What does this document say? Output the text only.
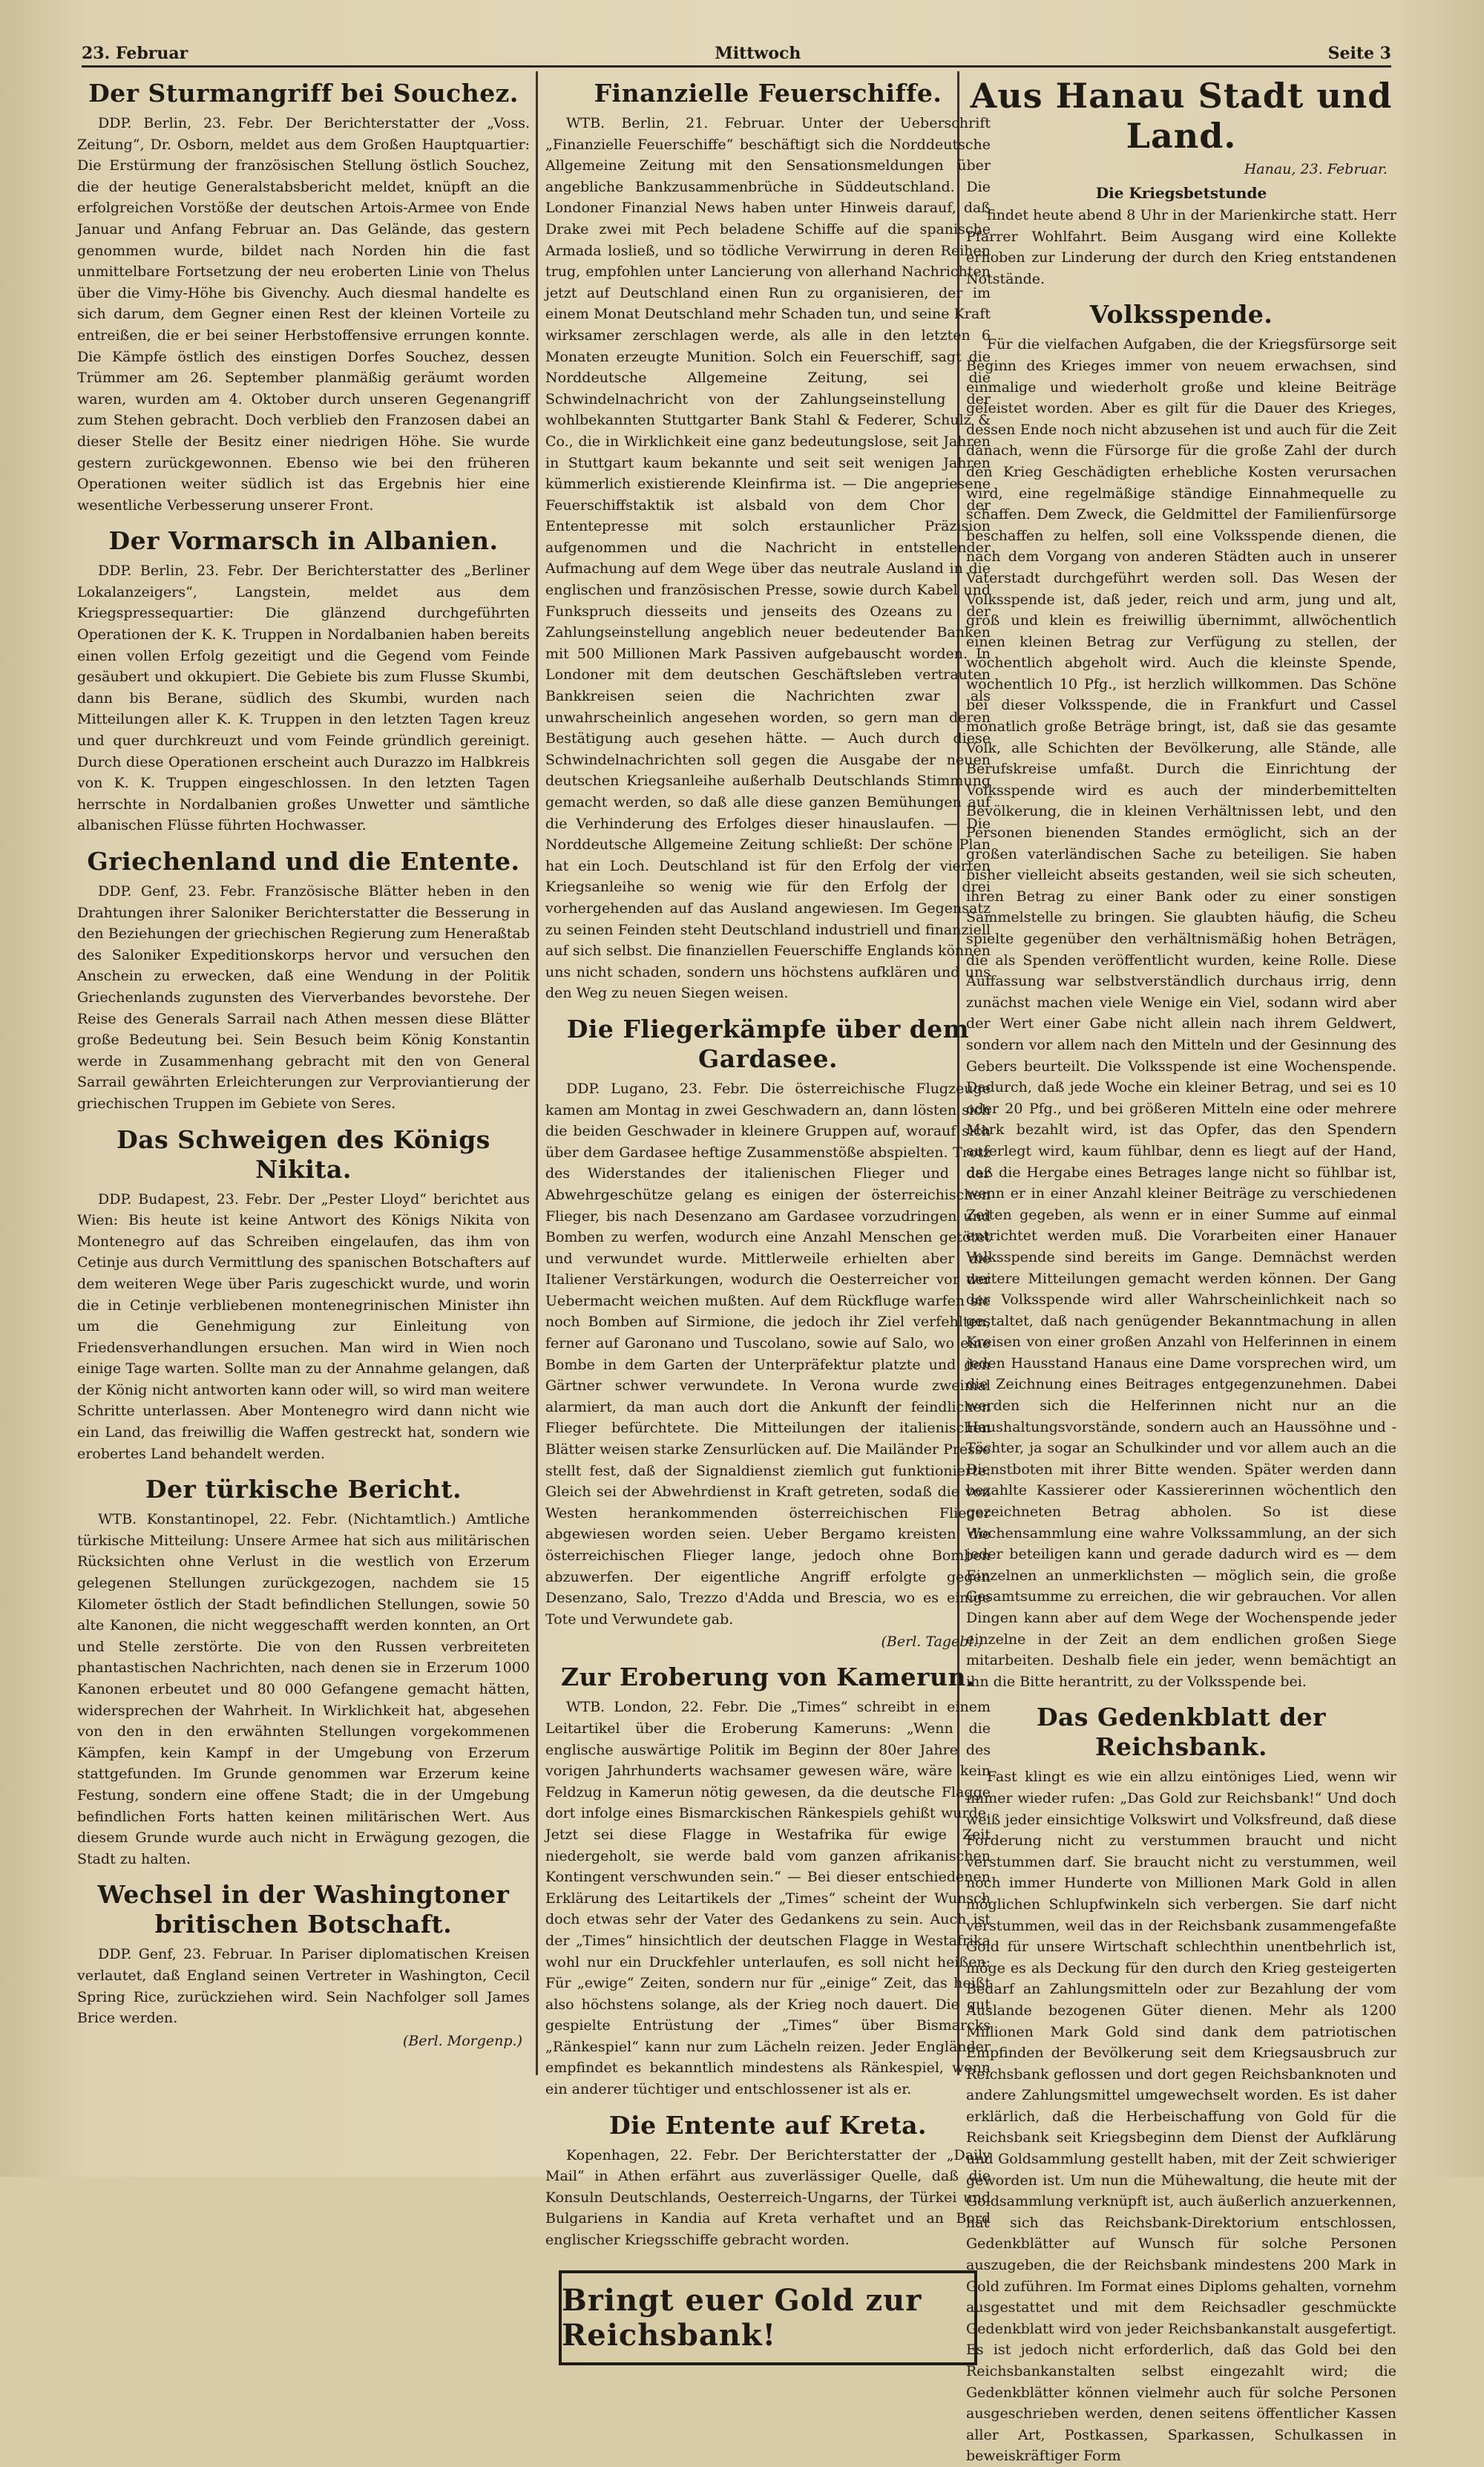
23. Februar	Mittwoch	Seite 3
Der Sturmangriff bei Souchez.

DDP. Berlin, 23. Febr. Der Berichterstatter der „Voss. Zeitung“, Dr. Osborn, meldet aus dem Großen Hauptquartier: Die Erstürmung der französischen Stellung östlich Souchez, die der heutige Generalstabsbericht meldet, knüpft an die erfolgreichen Vorstöße der deutschen Artois-Armee von Ende Januar und Anfang Februar an. Das Gelände, das gestern genommen wurde, bildet nach Norden hin die fast unmittelbare Fortsetzung der neu eroberten Linie von Thelus über die Vimy-Höhe bis Givenchy. Auch diesmal handelte es sich darum, dem Gegner einen Rest der kleinen Vorteile zu entreißen, die er bei seiner Herbstoffensive errungen konnte. Die Kämpfe östlich des einstigen Dorfes Souchez, dessen Trümmer am 26. September planmäßig geräumt worden waren, wurden am 4. Oktober durch unseren Gegenangriff zum Stehen gebracht. Doch verblieb den Franzosen dabei an dieser Stelle der Besitz einer niedrigen Höhe. Sie wurde gestern zurückgewonnen. Ebenso wie bei den früheren Operationen weiter südlich ist das Ergebnis hier eine wesentliche Verbesserung unserer Front.

Der Vormarsch in Albanien.

DDP. Berlin, 23. Febr. Der Berichterstatter des „Berliner Lokalanzeigers“, Langstein, meldet aus dem Kriegspressequartier: Die glänzend durchgeführten Operationen der K. K. Truppen in Nordalbanien haben bereits einen vollen Erfolg gezeitigt und die Gegend vom Feinde gesäubert und okkupiert. Die Gebiete bis zum Flusse Skumbi, dann bis Berane, südlich des Skumbi, wurden nach Mitteilungen aller K. K. Truppen in den letzten Tagen kreuz und quer durchkreuzt und vom Feinde gründlich gereinigt. Durch diese Operationen erscheint auch Durazzo im Halbkreis von K. K. Truppen eingeschlossen. In den letzten Tagen herrschte in Nordalbanien großes Unwetter und sämtliche albanischen Flüsse führten Hochwasser.

Griechenland und die Entente.

DDP. Genf, 23. Febr. Französische Blätter heben in den Drahtungen ihrer Saloniker Berichterstatter die Besserung in den Beziehungen der griechischen Regierung zum Heneraßtab des Saloniker Expeditionskorps hervor und versuchen den Anschein zu erwecken, daß eine Wendung in der Politik Griechenlands zugunsten des Vierverbandes bevorstehe. Der Reise des Generals Sarrail nach Athen messen diese Blätter große Bedeutung bei. Sein Besuch beim König Konstantin werde in Zusammenhang gebracht mit den von General Sarrail gewährten Erleichterungen zur Verproviantierung der griechischen Truppen im Gebiete von Seres.

Das Schweigen des Königs Nikita.

DDP. Budapest, 23. Febr. Der „Pester Lloyd“ berichtet aus Wien: Bis heute ist keine Antwort des Königs Nikita von Montenegro auf das Schreiben eingelaufen, das ihm von Cetinje aus durch Vermittlung des spanischen Botschafters auf dem weiteren Wege über Paris zugeschickt wurde, und worin die in Cetinje verbliebenen montenegrinischen Minister ihn um die Genehmigung zur Einleitung von Friedensverhandlungen ersuchen. Man wird in Wien noch einige Tage warten. Sollte man zu der Annahme gelangen, daß der König nicht antworten kann oder will, so wird man weitere Schritte unterlassen. Aber Montenegro wird dann nicht wie ein Land, das freiwillig die Waffen gestreckt hat, sondern wie erobertes Land behandelt werden.

Der türkische Bericht.

WTB. Konstantinopel, 22. Febr. (Nichtamtlich.) Amtliche türkische Mitteilung: Unsere Armee hat sich aus militärischen Rücksichten ohne Verlust in die westlich von Erzerum gelegenen Stellungen zurückgezogen, nachdem sie 15 Kilometer östlich der Stadt befindlichen Stellungen, sowie 50 alte Kanonen, die nicht weggeschafft werden konnten, an Ort und Stelle zerstörte. Die von den Russen verbreiteten phantastischen Nachrichten, nach denen sie in Erzerum 1000 Kanonen erbeutet und 80 000 Gefangene gemacht hätten, widersprechen der Wahrheit. In Wirklichkeit hat, abgesehen von den in den erwähnten Stellungen vorgekommenen Kämpfen, kein Kampf in der Umgebung von Erzerum stattgefunden. Im Grunde genommen war Erzerum keine Festung, sondern eine offene Stadt; die in der Umgebung befindlichen Forts hatten keinen militärischen Wert. Aus diesem Grunde wurde auch nicht in Erwägung gezogen, die Stadt zu halten.

Wechsel in der Washingtoner britischen Botschaft.

DDP. Genf, 23. Februar. In Pariser diplomatischen Kreisen verlautet, daß England seinen Vertreter in Washington, Cecil Spring Rice, zurückziehen wird. Sein Nachfolger soll James Brice werden.

(Berl. Morgenp.)
Finanzielle Feuerschiffe.

WTB. Berlin, 21. Februar. Unter der Ueberschrift „Finanzielle Feuerschiffe“ beschäftigt sich die Norddeutsche Allgemeine Zeitung mit den Sensationsmeldungen über angebliche Bankzusammenbrüche in Süddeutschland. Die Londoner Finanzial News haben unter Hinweis darauf, daß Drake zwei mit Pech beladene Schiffe auf die spanische Armada losließ, und so tödliche Verwirrung in deren Reihen trug, empfohlen unter Lancierung von allerhand Nachrichten jetzt auf Deutschland einen Run zu organisieren, der im einem Monat Deutschland mehr Schaden tun, und seine Kraft wirksamer zerschlagen werde, als alle in den letzten 6 Monaten erzeugte Munition. Solch ein Feuerschiff, sagt die Norddeutsche Allgemeine Zeitung, sei die Schwindelnachricht von der Zahlungseinstellung der wohlbekannten Stuttgarter Bank Stahl & Federer, Schulz & Co., die in Wirklichkeit eine ganz bedeutungslose, seit Jahren in Stuttgart kaum bekannte und seit seit wenigen Jahren kümmerlich existierende Kleinfirma ist. — Die angepriesene Feuerschiffstaktik ist alsbald von dem Chor der Ententepresse mit solch erstaunlicher Präzision aufgenommen und die Nachricht in entstellender Aufmachung auf dem Wege über das neutrale Ausland in die englischen und französischen Presse, sowie durch Kabel und Funkspruch diesseits und jenseits des Ozeans zu der Zahlungseinstellung angeblich neuer bedeutender Banken mit 500 Millionen Mark Passiven aufgebauscht worden. In Londoner mit dem deutschen Geschäftsleben vertrauten Bankkreisen seien die Nachrichten zwar als unwahrscheinlich angesehen worden, so gern man deren Bestätigung auch gesehen hätte. — Auch durch diese Schwindelnachrichten soll gegen die Ausgabe der neuen deutschen Kriegsanleihe außerhalb Deutschlands Stimmung gemacht werden, so daß alle diese ganzen Bemühungen auf die Verhinderung des Erfolges dieser hinauslaufen. — Die Norddeutsche Allgemeine Zeitung schließt: Der schöne Plan hat ein Loch. Deutschland ist für den Erfolg der vierten Kriegsanleihe so wenig wie für den Erfolg der drei vorhergehenden auf das Ausland angewiesen. Im Gegensatz zu seinen Feinden steht Deutschland industriell und finanziell auf sich selbst. Die finanziellen Feuerschiffe Englands können uns nicht schaden, sondern uns höchstens aufklären und uns den Weg zu neuen Siegen weisen.

Die Fliegerkämpfe über dem Gardasee.

DDP. Lugano, 23. Febr. Die österreichische Flugzeuge kamen am Montag in zwei Geschwadern an, dann lösten sich die beiden Geschwader in kleinere Gruppen auf, worauf sich über dem Gardasee heftige Zusammenstöße abspielten. Trotz des Widerstandes der italienischen Flieger und der Abwehrgeschütze gelang es einigen der österreichischen Flieger, bis nach Desenzano am Gardasee vorzudringen und Bomben zu werfen, wodurch eine Anzahl Menschen getötet und verwundet wurde. Mittlerweile erhielten aber die Italiener Verstärkungen, wodurch die Oesterreicher vor der Uebermacht weichen mußten. Auf dem Rückfluge warfen sie noch Bomben auf Sirmione, die jedoch ihr Ziel verfehlten, ferner auf Garonano und Tuscolano, sowie auf Salo, wo eine Bombe in dem Garten der Unterpräfektur platzte und den Gärtner schwer verwundete. In Verona wurde zweimal alarmiert, da man auch dort die Ankunft der feindlichen Flieger befürchtete. Die Mitteilungen der italienischen Blätter weisen starke Zensurlücken auf. Die Mailänder Presse stellt fest, daß der Signaldienst ziemlich gut funktionierte. Gleich sei der Abwehrdienst in Kraft getreten, sodaß die von Westen herankommenden österreichischen Flieger abgewiesen worden seien. Ueber Bergamo kreisten die österreichischen Flieger lange, jedoch ohne Bomben abzuwerfen. Der eigentliche Angriff erfolgte gegen Desenzano, Salo, Trezzo d'Adda und Brescia, wo es einige Tote und Verwundete gab.

(Berl. Tagebl.)
Zur Eroberung von Kamerun.

WTB. London, 22. Febr. Die „Times“ schreibt in einem Leitartikel über die Eroberung Kameruns: „Wenn die englische auswärtige Politik im Beginn der 80er Jahre des vorigen Jahrhunderts wachsamer gewesen wäre, wäre kein Feldzug in Kamerun nötig gewesen, da die deutsche Flagge dort infolge eines Bismarckischen Ränkespiels gehißt wurde. Jetzt sei diese Flagge in Westafrika für ewige Zeit niedergeholt, sie werde bald vom ganzen afrikanischen Kontingent verschwunden sein.“ — Bei dieser entschiedenen Erklärung des Leitartikels der „Times“ scheint der Wunsch doch etwas sehr der Vater des Gedankens zu sein. Auch ist der „Times“ hinsichtlich der deutschen Flagge in Westafrika wohl nur ein Druckfehler unterlaufen, es soll nicht heißen: Für „ewige“ Zeiten, sondern nur für „einige“ Zeit, das heißt also höchstens solange, als der Krieg noch dauert. Die gut gespielte Entrüstung der „Times“ über Bismarcks „Ränkespiel“ kann nur zum Lächeln reizen. Jeder Engländer empfindet es bekanntlich mindestens als Ränkespiel, wenn ein anderer tüchtiger und entschlossener ist als er.

Die Entente auf Kreta.

Kopenhagen, 22. Febr. Der Berichterstatter der „Daily Mail“ in Athen erfährt aus zuverlässiger Quelle, daß die Konsuln Deutschlands, Oesterreich-Ungarns, der Türkei und Bulgariens in Kandia auf Kreta verhaftet und an Bord englischer Kriegsschiffe gebracht worden.

Bringt euer Gold zur Reichsbank!
Aus Hanau Stadt und Land.
Hanau, 23. Februar.
Die Kriegsbetstunde

findet heute abend 8 Uhr in der Marienkirche statt. Herr Pfarrer Wohlfahrt. Beim Ausgang wird eine Kollekte erhoben zur Linderung der durch den Krieg entstandenen Notstände.

Volksspende.

Für die vielfachen Aufgaben, die der Kriegsfürsorge seit Beginn des Krieges immer von neuem erwachsen, sind einmalige und wiederholt große und kleine Beiträge geleistet worden. Aber es gilt für die Dauer des Krieges, dessen Ende noch nicht abzusehen ist und auch für die Zeit danach, wenn die Fürsorge für die große Zahl der durch den Krieg Geschädigten erhebliche Kosten verursachen wird, eine regelmäßige ständige Einnahmequelle zu schaffen. Dem Zweck, die Geldmittel der Familienfürsorge beschaffen zu helfen, soll eine Volksspende dienen, die nach dem Vorgang von anderen Städten auch in unserer Vaterstadt durchgeführt werden soll. Das Wesen der Volksspende ist, daß jeder, reich und arm, jung und alt, groß und klein es freiwillig übernimmt, allwöchentlich einen kleinen Betrag zur Verfügung zu stellen, der wöchentlich abgeholt wird. Auch die kleinste Spende, wöchentlich 10 Pfg., ist herzlich willkommen. Das Schöne bei dieser Volksspende, die in Frankfurt und Cassel monatlich große Beträge bringt, ist, daß sie das gesamte Volk, alle Schichten der Bevölkerung, alle Stände, alle Berufskreise umfaßt. Durch die Einrichtung der Volksspende wird es auch der minderbemittelten Bevölkerung, die in kleinen Verhältnissen lebt, und den Personen bienenden Standes ermöglicht, sich an der großen vaterländischen Sache zu beteiligen. Sie haben bisher vielleicht abseits gestanden, weil sie sich scheuten, ihren Betrag zu einer Bank oder zu einer sonstigen Sammelstelle zu bringen. Sie glaubten häufig, die Scheu spielte gegenüber den verhältnismäßig hohen Beträgen, die als Spenden veröffentlicht wurden, keine Rolle. Diese Auffassung war selbstverständlich durchaus irrig, denn zunächst machen viele Wenige ein Viel, sodann wird aber der Wert einer Gabe nicht allein nach ihrem Geldwert, sondern vor allem nach den Mitteln und der Gesinnung des Gebers beurteilt. Die Volksspende ist eine Wochenspende. Dadurch, daß jede Woche ein kleiner Betrag, und sei es 10 oder 20 Pfg., und bei größeren Mitteln eine oder mehrere Mark bezahlt wird, ist das Opfer, das den Spendern auferlegt wird, kaum fühlbar, denn es liegt auf der Hand, daß die Hergabe eines Betrages lange nicht so fühlbar ist, wenn er in einer Anzahl kleiner Beiträge zu verschiedenen Zeiten gegeben, als wenn er in einer Summe auf einmal entrichtet werden muß. Die Vorarbeiten einer Hanauer Volksspende sind bereits im Gange. Demnächst werden weitere Mitteilungen gemacht werden können. Der Gang der Volksspende wird aller Wahrscheinlichkeit nach so gestaltet, daß nach genügender Bekanntmachung in allen Kreisen von einer großen Anzahl von Helferinnen in einem jeden Hausstand Hanaus eine Dame vorsprechen wird, um die Zeichnung eines Beitrages entgegenzunehmen. Dabei werden sich die Helferinnen nicht nur an die Haushaltungsvorstände, sondern auch an Haussöhne und -Töchter, ja sogar an Schulkinder und vor allem auch an die Dienstboten mit ihrer Bitte wenden. Später werden dann bezahlte Kassierer oder Kassiererinnen wöchentlich den gezeichneten Betrag abholen. So ist diese Wochensammlung eine wahre Volkssammlung, an der sich jeder beteiligen kann und gerade dadurch wird es — dem Einzelnen an unmerklichsten — möglich sein, die große Gesamtsumme zu erreichen, die wir gebrauchen. Vor allen Dingen kann aber auf dem Wege der Wochenspende jeder einzelne in der Zeit an dem endlichen großen Siege mitarbeiten. Deshalb fiele ein jeder, wenn bemächtigt an ihn die Bitte herantritt, zu der Volksspende bei.

Das Gedenkblatt der Reichsbank.

Fast klingt es wie ein allzu eintöniges Lied, wenn wir immer wieder rufen: „Das Gold zur Reichsbank!“ Und doch weiß jeder einsichtige Volkswirt und Volksfreund, daß diese Forderung nicht zu verstummen braucht und nicht verstummen darf. Sie braucht nicht zu verstummen, weil noch immer Hunderte von Millionen Mark Gold in allen möglichen Schlupfwinkeln sich verbergen. Sie darf nicht verstummen, weil das in der Reichsbank zusammengefaßte Gold für unsere Wirtschaft schlechthin unentbehrlich ist, möge es als Deckung für den durch den Krieg gesteigerten Bedarf an Zahlungsmitteln oder zur Bezahlung der vom Auslande bezogenen Güter dienen. Mehr als 1200 Millionen Mark Gold sind dank dem patriotischen Empfinden der Bevölkerung seit dem Kriegsausbruch zur Reichsbank geflossen und dort gegen Reichsbanknoten und andere Zahlungsmittel umgewechselt worden. Es ist daher erklärlich, daß die Herbeischaffung von Gold für die Reichsbank seit Kriegsbeginn dem Dienst der Aufklärung und Goldsammlung gestellt haben, mit der Zeit schwieriger geworden ist. Um nun die Mühewaltung, die heute mit der Goldsammlung verknüpft ist, auch äußerlich anzuerkennen, hat sich das Reichsbank-Direktorium entschlossen, Gedenkblätter auf Wunsch für solche Personen auszugeben, die der Reichsbank mindestens 200 Mark in Gold zuführen. Im Format eines Diploms gehalten, vornehm ausgestattet und mit dem Reichsadler geschmückte Gedenkblatt wird von jeder Reichsbankanstalt ausgefertigt. Es ist jedoch nicht erforderlich, daß das Gold bei den Reichsbankanstalten selbst eingezahlt wird; die Gedenkblätter können vielmehr auch für solche Personen ausgeschrieben werden, denen seitens öffentlicher Kassen aller Art, Postkassen, Sparkassen, Schulkassen in beweiskräftiger Form
